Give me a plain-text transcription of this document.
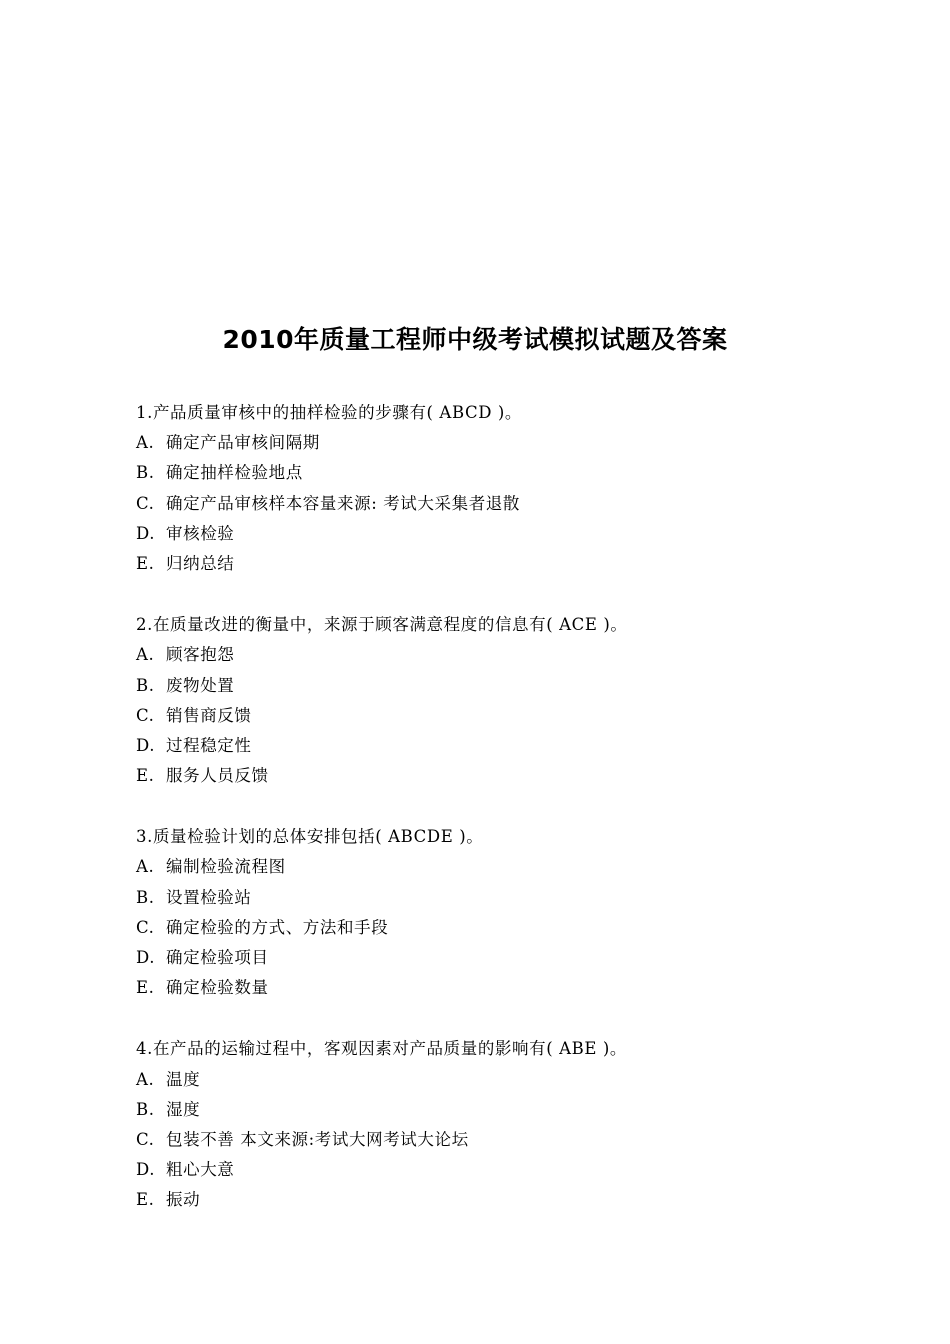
2010年质量工程师中级考试模拟试题及答案
1.产品质量审核中的抽样检验的步骤有( ABCD )。
A. 确定产品审核间隔期
B. 确定抽样检验地点
C. 确定产品审核样本容量来源: 考试大采集者退散
D. 审核检验
E. 归纳总结
2.在质量改进的衡量中，来源于顾客满意程度的信息有( ACE )。
A. 顾客抱怨
B. 废物处置
C. 销售商反馈
D. 过程稳定性
E. 服务人员反馈
3.质量检验计划的总体安排包括( ABCDE )。
A. 编制检验流程图
B. 设置检验站
C. 确定检验的方式、方法和手段
D. 确定检验项目
E. 确定检验数量
4.在产品的运输过程中，客观因素对产品质量的影响有( ABE )。
A. 温度
B. 湿度
C. 包装不善 本文来源:考试大网考试大论坛
D. 粗心大意
E. 振动
